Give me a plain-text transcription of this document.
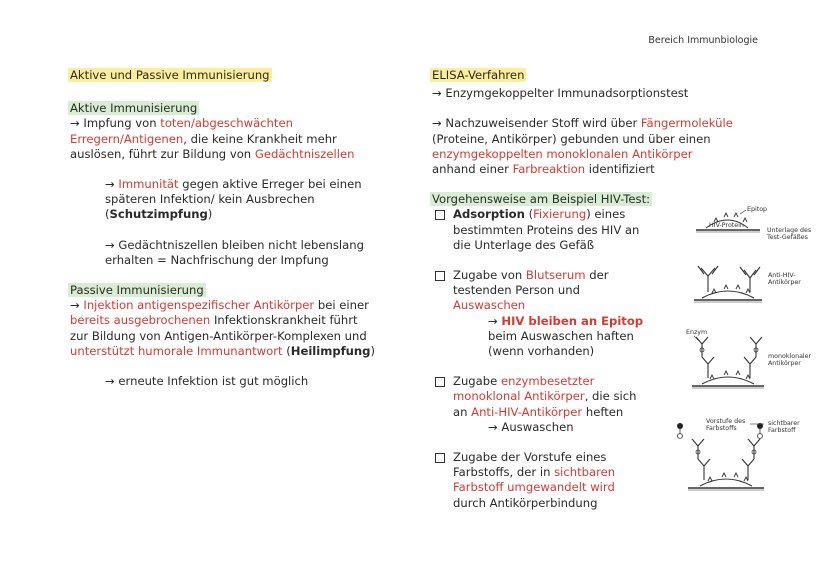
Bereich Immunbiologie

Aktive und Passive Immunisierung

Aktive Immunisierung

→ Impfung von toten/abgeschwächten
Erregern/Antigenen, die keine Krankheit mehr
auslösen, führt zur Bildung von Gedächtniszellen

→ Immunität gegen aktive Erreger bei einen
späteren Infektion/ kein Ausbrechen
(Schutzimpfung)

→ Gedächtniszellen bleiben nicht lebenslang
erhalten = Nachfrischung der Impfung

Passive Immunisierung

→ Injektion antigenspezifischer Antikörper bei einer
bereits ausgebrochenen Infektionskrankheit führt
zur Bildung von Antigen-Antikörper-Komplexen und
unterstützt humorale Immunantwort (Heilimpfung)

→ erneute Infektion ist gut möglich

ELISA-Verfahren

→ Enzymgekoppelter Immunadsorptionstest

→ Nachzuweisender Stoff wird über Fängermoleküle
(Proteine, Antikörper) gebunden und über einen
enzymgekoppelten monoklonalen Antikörper
anhand einer Farbreaktion identifiziert

Vorgehensweise am Beispiel HIV-Test:

Adsorption (Fixierung) eines
bestimmten Proteins des HIV an
die Unterlage des Gefäß
Zugabe von Blutserum der
testenden Person und
Auswaschen
→ HIV bleiben an Epitop
beim Auswaschen haften
(wenn vorhanden)
Zugabe enzymbesetzter
monoklonal Antikörper, die sich
an Anti-HIV-Antikörper heften
→ Auswaschen
Zugabe der Vorstufe eines
Farbstoffs, der in sichtbaren
Farbstoff umgewandelt wird
durch Antikörperbindung
Epitop
HIV-Protein
Unterlage des
Test-Gefäßes
Anti-HIV-
Antikörper
Enzym
monoklonaler
Antikörper
Vorstufe des
Farbstoffs
sichtbarer
Farbstoff
